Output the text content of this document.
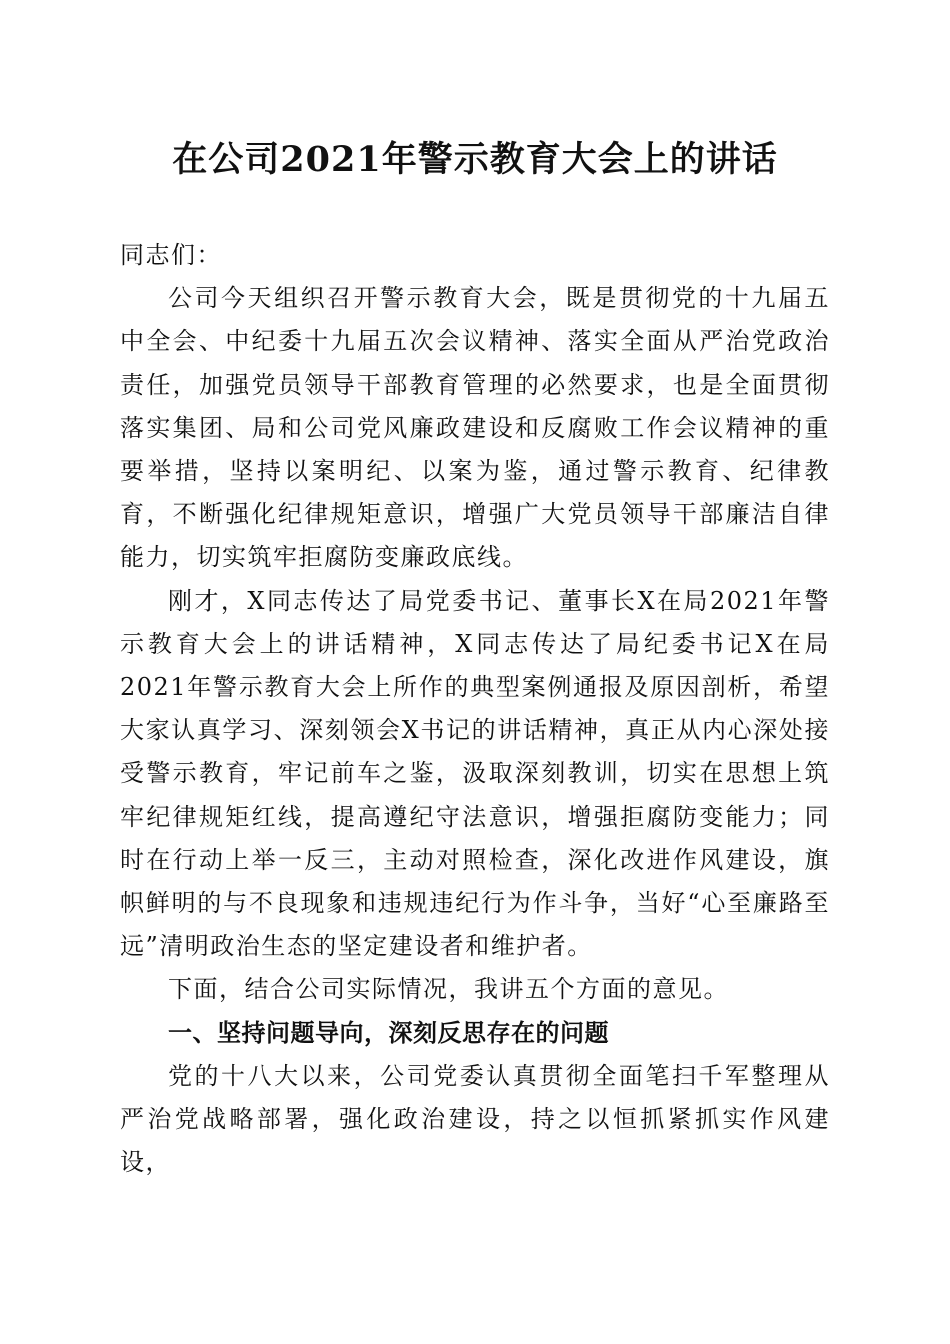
在公司2021年警示教育大会上的讲话

同志们：

公司今天组织召开警示教育大会，既是贯彻党的十九届五中全会、中纪委十九届五次会议精神、落实全面从严治党政治责任，加强党员领导干部教育管理的必然要求，也是全面贯彻落实集团、局和公司党风廉政建设和反腐败工作会议精神的重要举措，坚持以案明纪、以案为鉴，通过警示教育、纪律教育，不断强化纪律规矩意识，增强广大党员领导干部廉洁自律能力，切实筑牢拒腐防变廉政底线。

刚才，X同志传达了局党委书记、董事长X在局2021年警示教育大会上的讲话精神，X同志传达了局纪委书记X在局2021年警示教育大会上所作的典型案例通报及原因剖析，希望大家认真学习、深刻领会X书记的讲话精神，真正从内心深处接受警示教育，牢记前车之鉴，汲取深刻教训，切实在思想上筑牢纪律规矩红线，提高遵纪守法意识，增强拒腐防变能力；同时在行动上举一反三，主动对照检查，深化改进作风建设，旗帜鲜明的与不良现象和违规违纪行为作斗争，当好“心至廉路至远”清明政治生态的坚定建设者和维护者。

下面，结合公司实际情况，我讲五个方面的意见。

一、坚持问题导向，深刻反思存在的问题

党的十八大以来，公司党委认真贯彻全面笔扫千军整理从严治党战略部署，强化政治建设，持之以恒抓紧抓实作风建设，
